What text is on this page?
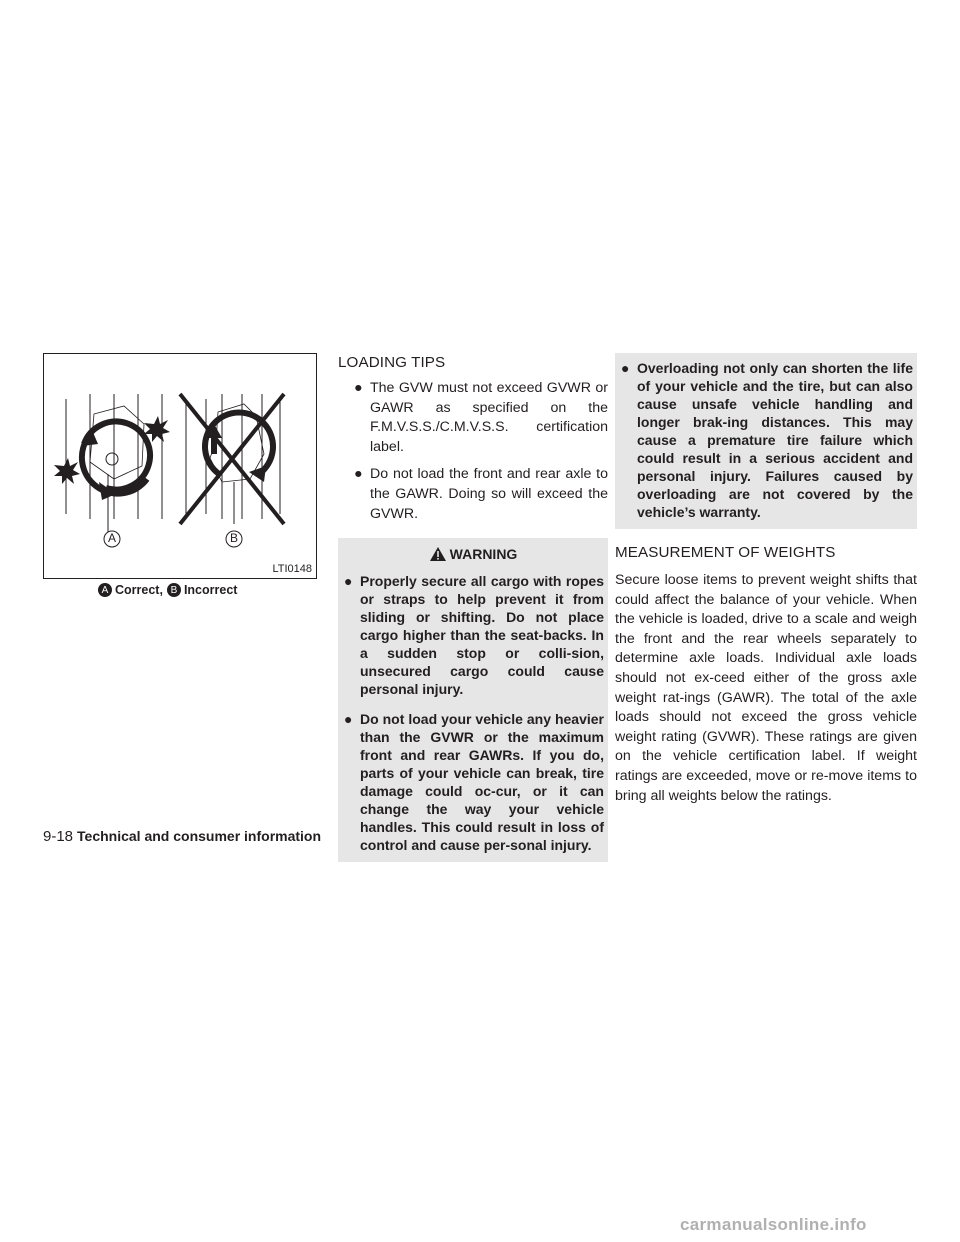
A	B
LTI0148
A Correct, B Incorrect
LOADING TIPS
● The GVW must not exceed GVWR or GAWR as specified on the F.M.V.S.S./C.M.V.S.S. certification label.
● Do not load the front and rear axle to the GAWR. Doing so will exceed the GVWR.
WARNING
● Properly secure all cargo with ropes or straps to help prevent it from sliding or shifting. Do not place cargo higher than the seat-backs. In a sudden stop or colli-sion, unsecured cargo could cause personal injury.
● Do not load your vehicle any heavier than the GVWR or the maximum front and rear GAWRs. If you do, parts of your vehicle can break, tire damage could oc-cur, or it can change the way your vehicle handles. This could result in loss of control and cause per-sonal injury.
● Overloading not only can shorten the life of your vehicle and the tire, but can also cause unsafe vehicle handling and longer brak-ing distances. This may cause a premature tire failure which could result in a serious accident and personal injury. Failures caused by overloading are not covered by the vehicle’s warranty.
MEASUREMENT OF WEIGHTS

Secure loose items to prevent weight shifts that could affect the balance of your vehicle. When the vehicle is loaded, drive to a scale and weigh the front and the rear wheels separately to determine axle loads. Individual axle loads should not ex-ceed either of the gross axle weight rat-ings (GAWR). The total of the axle loads should not exceed the gross vehicle weight rating (GVWR). These ratings are given on the vehicle certification label. If weight ratings are exceeded, move or re-move items to bring all weights below the ratings.

9-18 Technical and consumer information
carmanualsonline.info
